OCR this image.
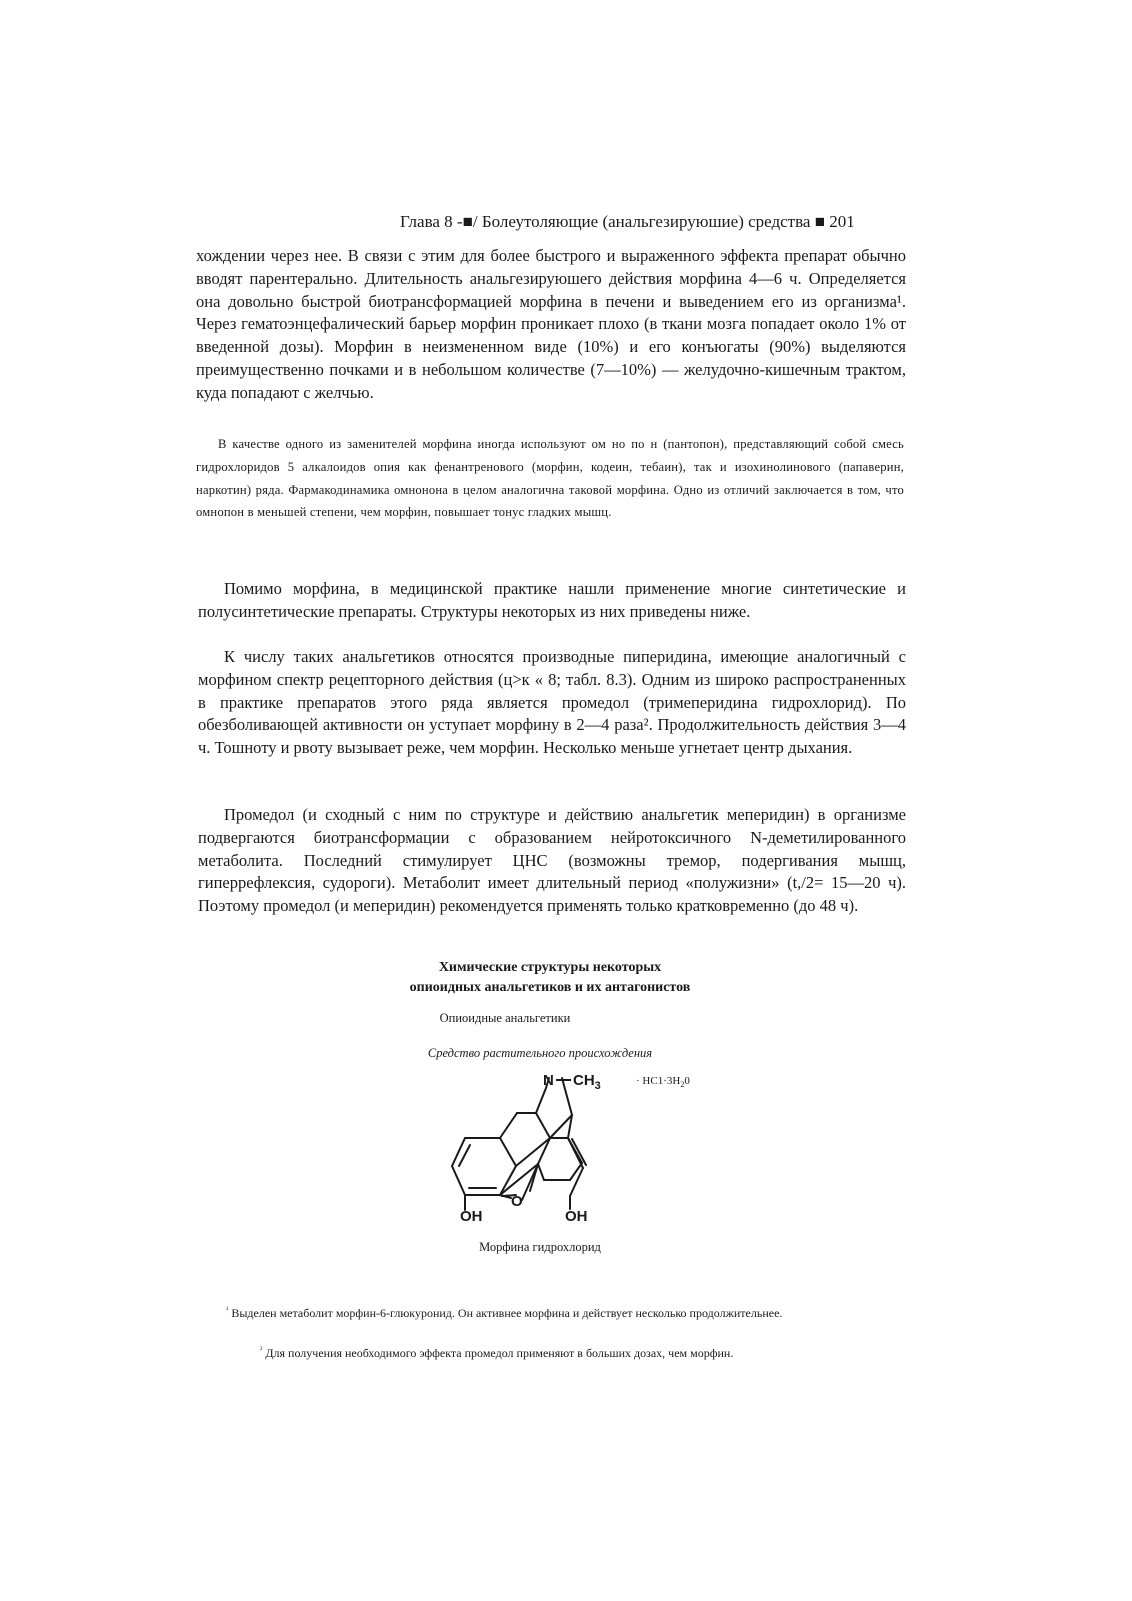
Глава 8 -■/ Болеутоляющие (анальгезируюшие) средства ■ 201

хождении через нее. В связи с этим для более быстрого и выраженного эффекта препарат обычно вводят парентерально. Длительность анальгезируюшего действия морфина 4—6 ч. Определяется она довольно быстрой биотрансформацией морфина в печени и выведением его из организма¹. Через гематоэнцефалический барьер морфин проникает плохо (в ткани мозга попадает около 1% от введенной дозы). Морфин в неизмененном виде (10%) и его конъюгаты (90%) выделяются преимущественно почками и в небольшом количестве (7—10%) — желудочно-кишечным трактом, куда попадают с желчью.

В качестве одного из заменителей морфина иногда используют ом но по н (пантопон), представляющий собой смесь гидрохлоридов 5 алкалоидов опия как фенантренового (морфин, кодеин, тебаин), так и изохинолинового (папаверин, наркотин) ряда. Фармакодинамика омнонона в целом аналогична таковой морфина. Одно из отличий заключается в том, что омнопон в меньшей степени, чем морфин, повышает тонус гладких мышц.

Помимо морфина, в медицинской практике нашли применение многие синтетические и полусинтетические препараты. Структуры некоторых из них приведены ниже.

К числу таких анальгетиков относятся производные пиперидина, имеющие аналогичный с морфином спектр рецепторного действия (ц>к « 8; табл. 8.3). Одним из широко распространенных в практике препаратов этого ряда является промедол (тримеперидина гидрохлорид). По обезболивающей активности он уступает морфину в 2—4 раза². Продолжительность действия 3—4 ч. Тошноту и рвоту вызывает реже, чем морфин. Несколько меньше угнетает центр дыхания.

Промедол (и сходный с ним по структуре и действию анальгетик меперидин) в организме подвергаются биотрансформации с образованием нейротоксичного N-деметилированного метаболита. Последний стимулирует ЦНС (возможны тремор, подергивания мышц, гиперрефлексия, судороги). Метаболит имеет длительный период «полужизни» (t,/2= 15—20 ч). Поэтому промедол (и меперидин) рекомендуется применять только кратковременно (до 48 ч).

Химические структуры некоторых

опиоидных анальгетиков и их антагонистов

Опиоидные анальгетики

Средство растительного происхождения

N $CH_3$
O
OH	OH
· $HC1\cdot 3H_20$

Морфина гидрохлорид

$^{^1}$ Выделен метаболит морфин-6-глюкуронид. Он активнее морфина и действует несколько продолжительнее.

$^{^2}$ Для получения необходимого эффекта промедол применяют в больших дозах, чем морфин.
